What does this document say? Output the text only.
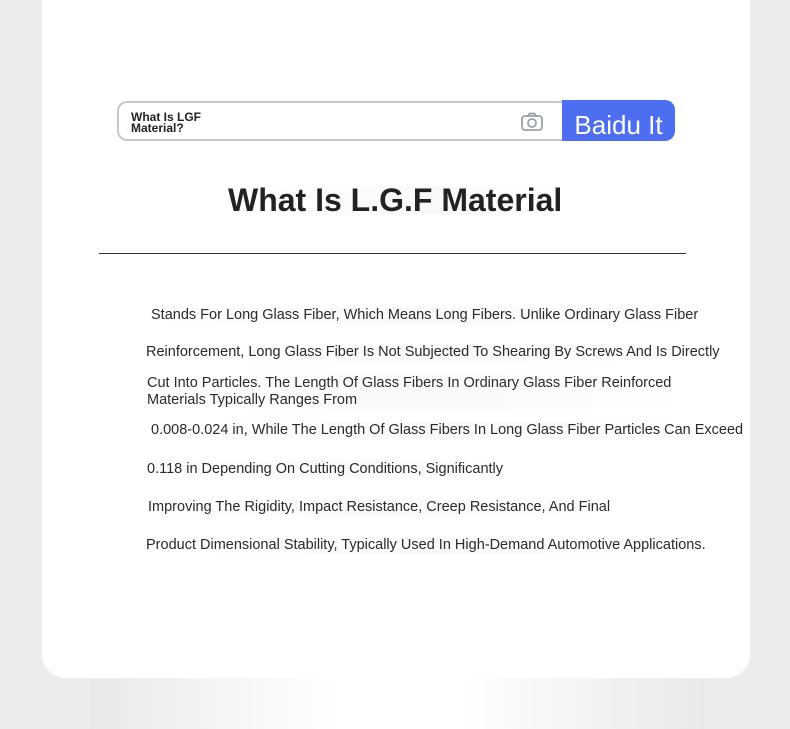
What Is LGF Material?	Baidu It
What Is L.G.F Material

Stands For Long Glass Fiber, Which Means Long Fibers. Unlike Ordinary Glass Fiber

Reinforcement, Long Glass Fiber Is Not Subjected To Shearing By Screws And Is Directly

Cut Into Particles. The Length Of Glass Fibers In Ordinary Glass Fiber Reinforced Materials Typically Ranges From

0.008-0.024 in, While The Length Of Glass Fibers In Long Glass Fiber Particles Can Exceed

0.118 in Depending On Cutting Conditions, Significantly

Improving The Rigidity, Impact Resistance, Creep Resistance, And Final

Product Dimensional Stability, Typically Used In High-Demand Automotive Applications.
